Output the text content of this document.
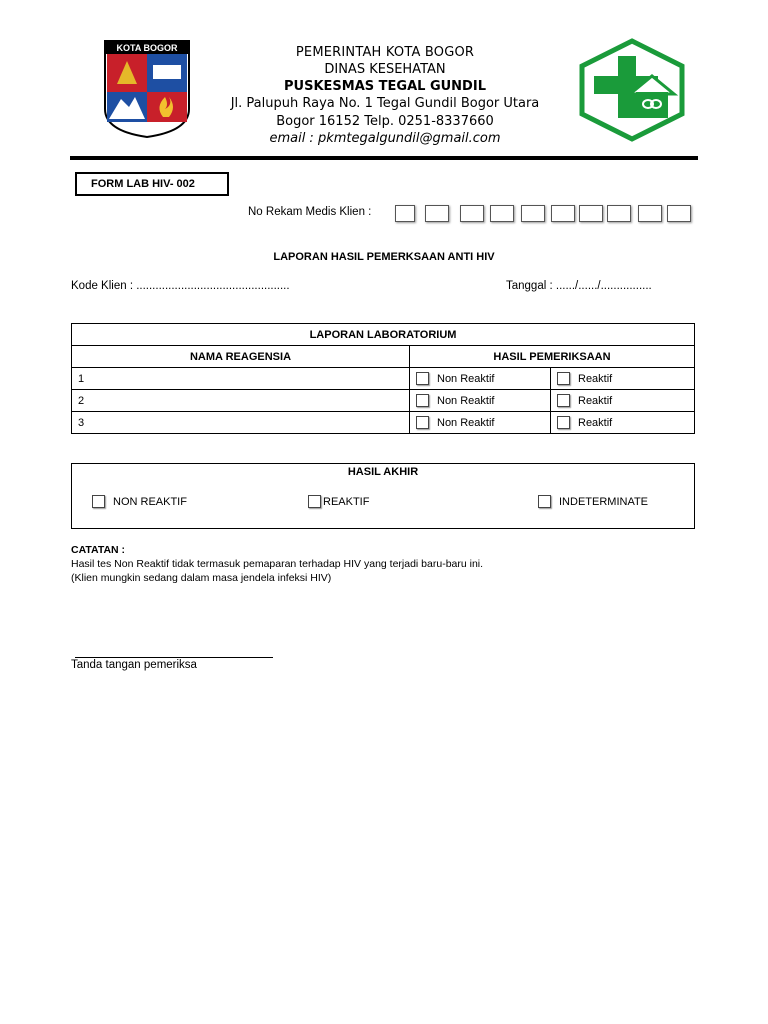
KOTA BOGOR	PEMERINTAH KOTA BOGOR
DINAS KESEHATAN
PUSKESMAS TEGAL GUNDIL
Jl. Palupuh Raya No. 1 Tegal Gundil Bogor Utara
Bogor 16152 Telp. 0251-8337660
email : pkmtegalgundil@gmail.com
FORM LAB HIV- 002
No Rekam Medis Klien :
LAPORAN HASIL PEMERKSAAN ANTI HIV
Kode Klien : ................................................	Tanggal : ....../....../................
LAPORAN LABORATORIUM		
NAMA REAGENSIA	HASIL PEMERIKSAAN	
1	Non Reaktif	Reaktif
2	Non Reaktif	Reaktif
3	Non Reaktif	Reaktif
HASIL AKHIR
NON REAKTIF	REAKTIF	INDETERMINATE
CATATAN :
Hasil tes Non Reaktif tidak termasuk pemaparan terhadap HIV yang terjadi baru-baru ini.
(Klien mungkin sedang dalam masa jendela infeksi HIV)
Tanda tangan pemeriksa
